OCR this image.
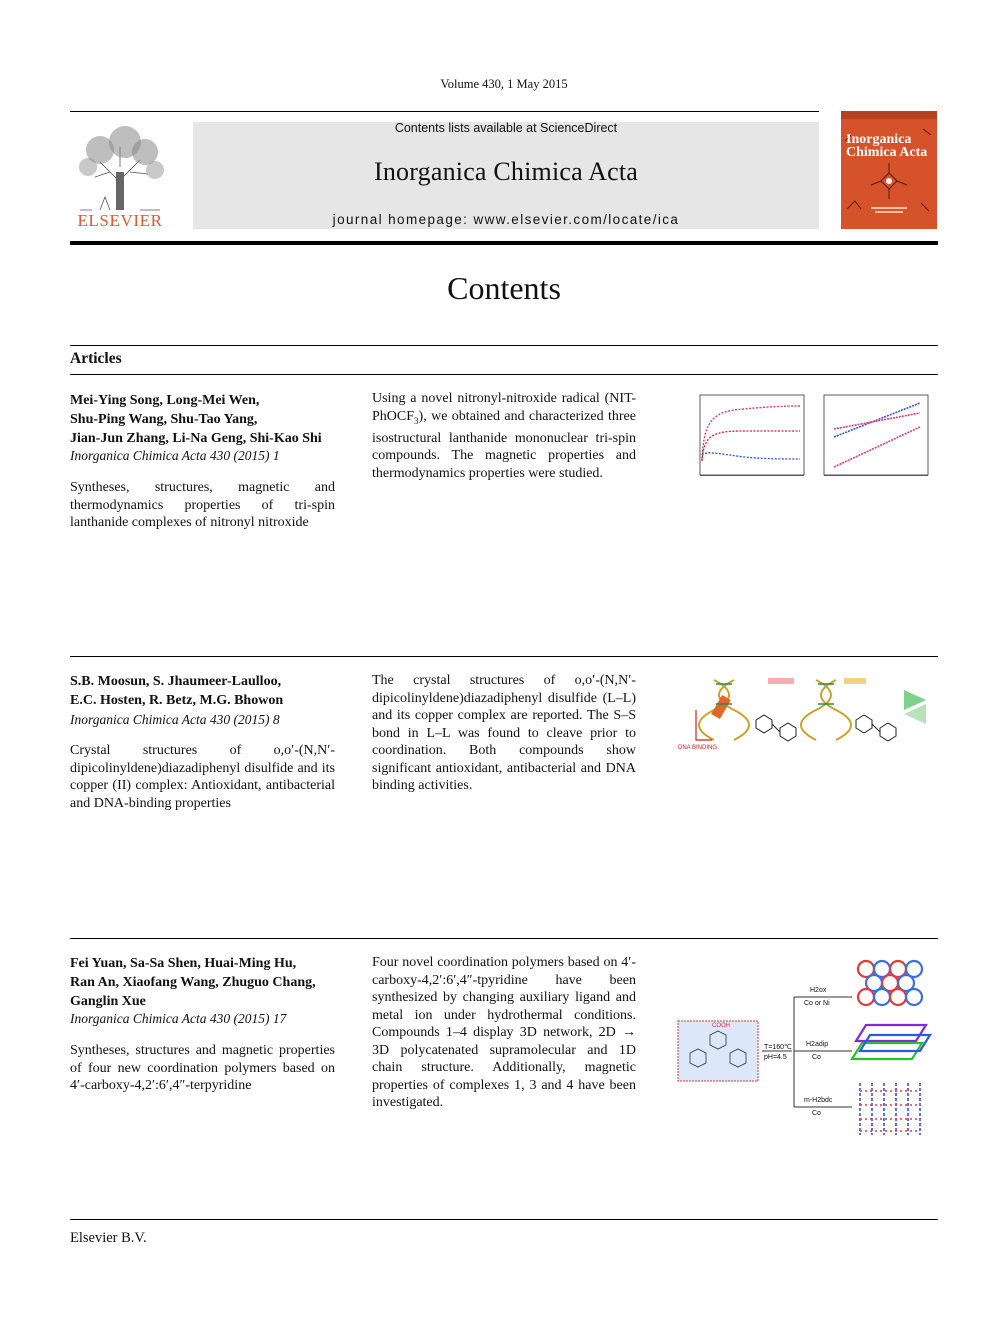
Volume 430, 1 May 2015
ELSEVIER
Contents lists available at ScienceDirect
Inorganica Chimica Acta
journal homepage: www.elsevier.com/locate/ica
Inorganica
Chimica Acta
Contents
Articles
Mei-Ying Song, Long-Mei Wen,
Shu-Ping Wang, Shu-Tao Yang,
Jian-Jun Zhang, Li-Na Geng, Shi-Kao Shi
Inorganica Chimica Acta 430 (2015) 1
Syntheses, structures, magnetic and thermodynamics properties of tri-spin lanthanide complexes of nitronyl nitroxide
Using a novel nitronyl-nitroxide radical (NIT-PhOCF$_3$), we obtained and characterized three isostructural lanthanide mononuclear tri-spin compounds. The magnetic properties and thermodynamics properties were studied.
S.B. Moosun, S. Jhaumeer-Laulloo,
E.C. Hosten, R. Betz, M.G. Bhowon
Inorganica Chimica Acta 430 (2015) 8
Crystal structures of o,o′-(N,N′-dipicolinyldene)diazadiphenyl disulfide and its copper (II) complex: Antioxidant, antibacterial and DNA-binding properties
The crystal structures of o,o′-(N,N′-dipicolinyldene)diazadiphenyl disulfide (L–L) and its copper complex are reported. The S–S bond in L–L was found to cleave prior to coordination. Both compounds show significant antioxidant, antibacterial and DNA binding activities.
DNA BINDING
Fei Yuan, Sa-Sa Shen, Huai-Ming Hu,
Ran An, Xiaofang Wang, Zhuguo Chang,
Ganglin Xue
Inorganica Chimica Acta 430 (2015) 17
Syntheses, structures and magnetic properties of four new coordination polymers based on 4′-carboxy-4,2′:6′,4″-terpyridine
Four novel coordination polymers based on 4′-carboxy-4,2′:6′,4″-tpyridine have been synthesized by changing auxiliary ligand and metal ion under hydrothermal conditions. Compounds 1–4 display 3D network, 2D → 3D polycatenated supramolecular and 1D chain structure. Additionally, magnetic properties of complexes 1, 3 and 4 have been investigated.
COOH
T=160℃
pH=4.5
H2ox
Co or Ni
H2adip
Co
m-H2bdc
Co
Elsevier B.V.
